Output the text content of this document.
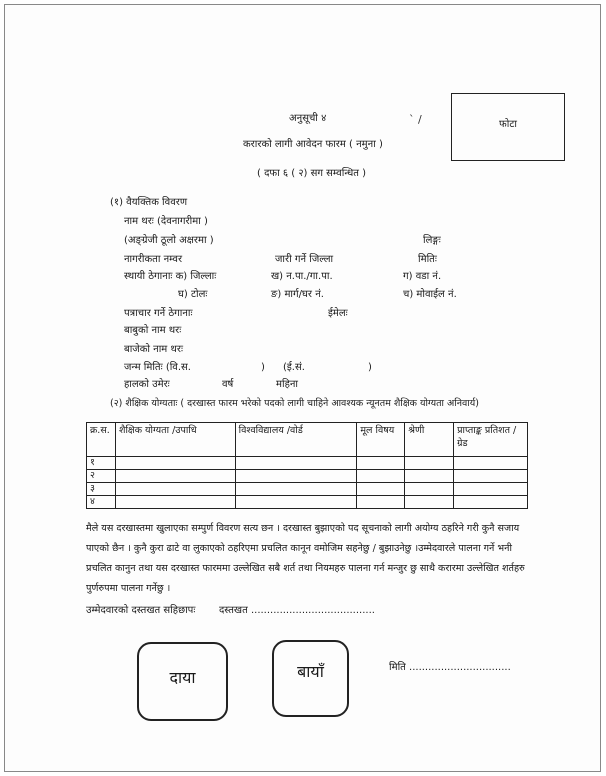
अनुसूची ४	` /	फोटा
करारको लागी आवेदन फारम ( नमुना )
( दफा ६ ( २) सग सम्वन्धित )
(१) वैयक्तिक विवरण
नाम थरः (देवनागरीमा )
(अङ्ग्रेजी ठूलो अक्षरमा )	लिङ्गः
नागरीकता नम्वर	जारी गर्ने जिल्ला	मितिः
स्थायी ठेगानाः क) जिल्लाः	ख) न.पा./गा.पा.	ग) वडा नं.
घ) टोलः	ङ) मार्ग/घर नं.	च) मोवाईल नं.
पत्राचार गर्ने ठेगानाः	ईमेलः
बाबुको नाम थरः
बाजेको नाम थरः
जन्म मितिः (वि.स.	) (ई.सं.	)
हालको उमेरः	वर्ष	महिना
(२) शैक्षिक योग्यताः ( दरखास्त फारम भरेको पदको लागी चाहिने आवश्यक न्यूनतम शैक्षिक योग्यता अनिवार्य)
क्र.स.	शैक्षिक योग्यता /उपाधि	विश्वविद्यालय /वोर्ड	मूल विषय	श्रेणी	प्राप्ताङ्क प्रतिशत / ग्रेड
१					
२					
३					
४					
मैले यस दरखास्तमा खुलाएका सम्पुर्ण विवरण सत्य छन । दरखास्त बुझाएको पद सूचनाको लागी अयोग्य ठहरिने गरी कुनै सजाय पाएको छैन । कुनै कुरा ढाटे वा लुकाएको ठहरिएमा प्रचलित कानून वमोजिम सहनेछु / बुझाउनेछु ।उम्मेदवारले पालना गर्ने भनी प्रचलित कानुन तथा यस दरखास्त फारममा उल्लेखित सबै शर्त तथा नियमहरु पालना गर्न मन्जुर छु साथै करारमा उल्लेखित शर्तहरु पुर्णरुपमा पालना गर्नेछु ।
उम्मेदवारको दस्तखत सहिछापः दस्तखत .......................................
दाया	बायाँ	मिति ................................
